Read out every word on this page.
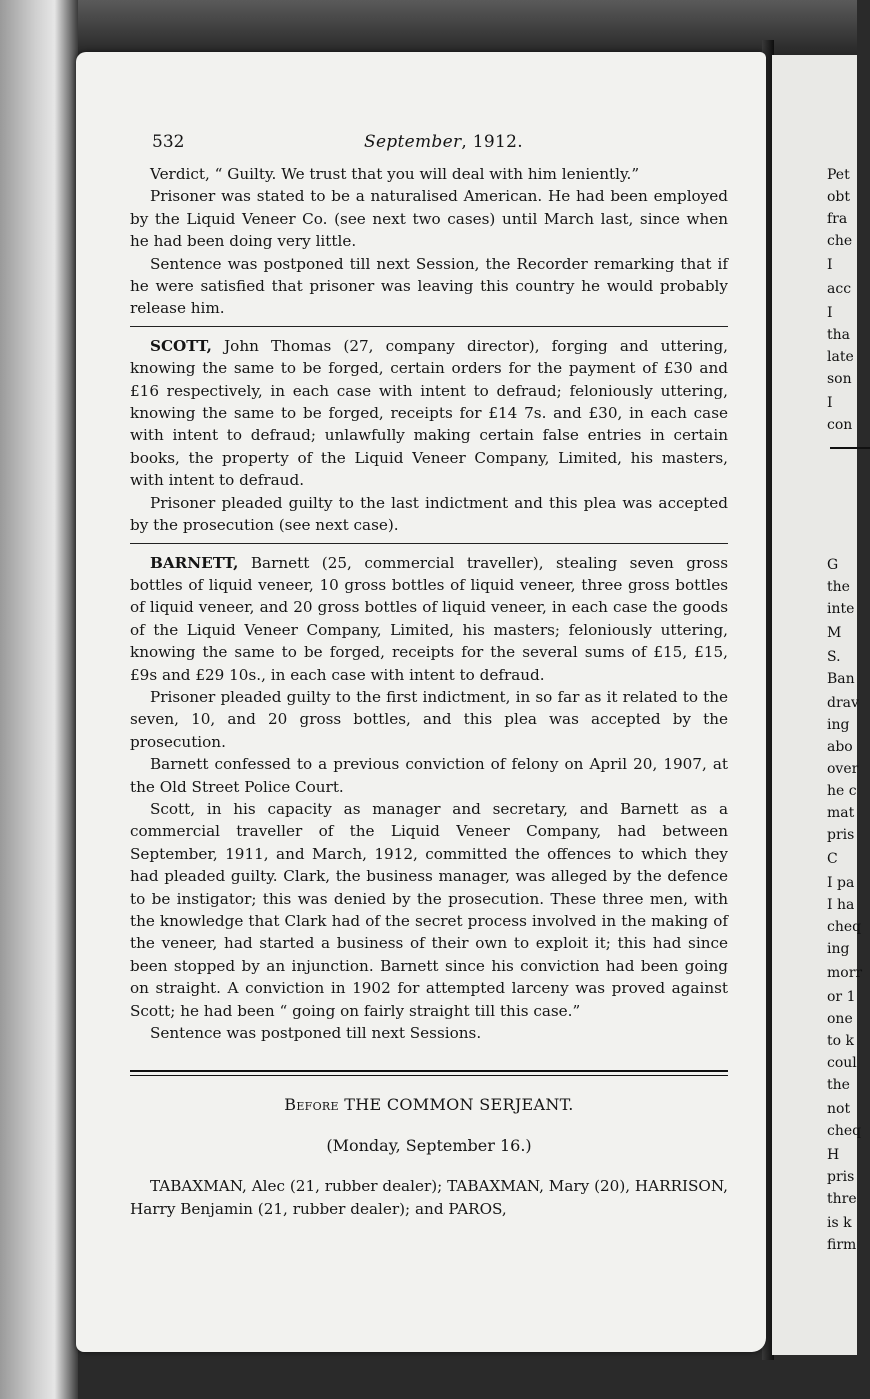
Pet
obt
fra
che
I
acc
I
tha
late
son
I
con
G
the
inte
M
S.
Ban
drav
ing
abo
over
he c
mat
pris
C
I pa
I ha
cheq
ing
morr
or 1
one
to k
coul
the
not
cheq
H
pris
thre
is k
firm
532	September, 1912.

Verdict, “ Guilty. We trust that you will deal with him leniently.”

Prisoner was stated to be a naturalised American. He had been employed by the Liquid Veneer Co. (see next two cases) until March last, since when he had been doing very little.

Sentence was postponed till next Session, the Recorder remarking that if he were satisfied that prisoner was leaving this country he would probably release him.

SCOTT, John Thomas (27, company director), forging and uttering, knowing the same to be forged, certain orders for the payment of £30 and £16 respectively, in each case with intent to defraud; feloniously uttering, knowing the same to be forged, receipts for £14 7s. and £30, in each case with intent to defraud; unlawfully making certain false entries in certain books, the property of the Liquid Veneer Company, Limited, his masters, with intent to defraud.

Prisoner pleaded guilty to the last indictment and this plea was accepted by the prosecution (see next case).

BARNETT, Barnett (25, commercial traveller), stealing seven gross bottles of liquid veneer, 10 gross bottles of liquid veneer, three gross bottles of liquid veneer, and 20 gross bottles of liquid veneer, in each case the goods of the Liquid Veneer Company, Limited, his masters; feloniously uttering, knowing the same to be forged, receipts for the several sums of £15, £15, £9s and £29 10s., in each case with intent to defraud.

Prisoner pleaded guilty to the first indictment, in so far as it related to the seven, 10, and 20 gross bottles, and this plea was accepted by the prosecution.

Barnett confessed to a previous conviction of felony on April 20, 1907, at the Old Street Police Court.

Scott, in his capacity as manager and secretary, and Barnett as a commercial traveller of the Liquid Veneer Company, had between September, 1911, and March, 1912, committed the offences to which they had pleaded guilty. Clark, the business manager, was alleged by the defence to be instigator; this was denied by the prosecution. These three men, with the knowledge that Clark had of the secret process involved in the making of the veneer, had started a business of their own to exploit it; this had since been stopped by an injunction. Barnett since his conviction had been going on straight. A conviction in 1902 for attempted larceny was proved against Scott; he had been “ going on fairly straight till this case.”

Sentence was postponed till next Sessions.

Before THE COMMON SERJEANT.
(Monday, September 16.)

TABAXMAN, Alec (21, rubber dealer); TABAXMAN, Mary (20), HARRISON, Harry Benjamin (21, rubber dealer); and PAROS,
